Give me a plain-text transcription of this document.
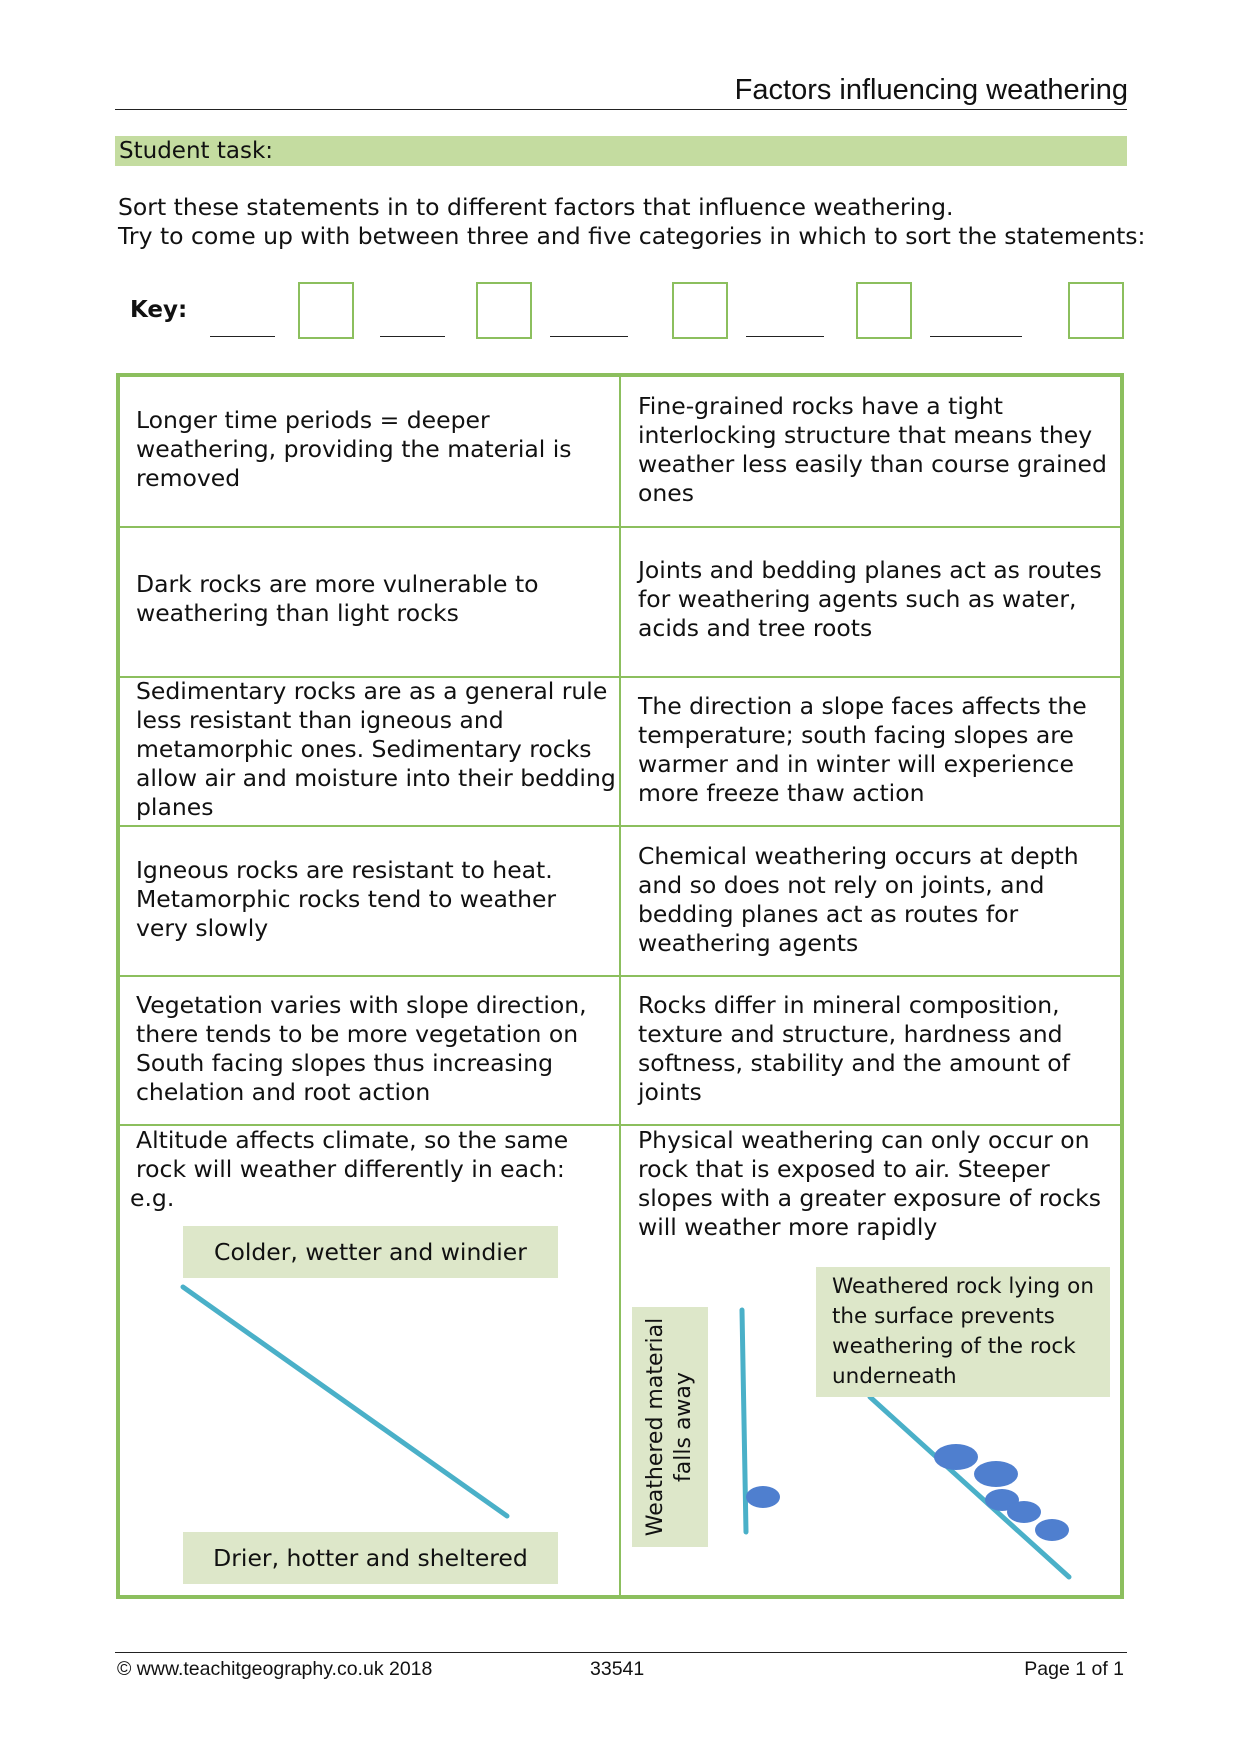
Factors influencing weathering
Student task:
Sort these statements in to different factors that influence weathering.
Try to come up with between three and five categories in which to sort the statements:
Key:
Longer time periods = deeper weathering, providing the material is removed
Fine-grained rocks have a tight interlocking structure that means they weather less easily than course grained ones
Dark rocks are more vulnerable to weathering than light rocks
Joints and bedding planes act as routes for weathering agents such as water, acids and tree roots
Sedimentary rocks are as a general rule less resistant than igneous and metamorphic ones. Sedimentary rocks allow air and moisture into their bedding planes
The direction a slope faces affects the temperature; south facing slopes are warmer and in winter will experience more freeze thaw action
Igneous rocks are resistant to heat. Metamorphic rocks tend to weather very slowly
Chemical weathering occurs at depth and so does not rely on joints, and bedding planes act as routes for weathering agents
Vegetation varies with slope direction, there tends to be more vegetation on South facing slopes thus increasing chelation and root action
Rocks differ in mineral composition, texture and structure, hardness and softness, stability and the amount of joints
Altitude affects climate, so the same
rock will weather differently in each:
e.g.
Physical weathering can only occur on rock that is exposed to air. Steeper slopes with a greater exposure of rocks will weather more rapidly
Colder, wetter and windier
Drier, hotter and sheltered
Weathered material falls away
Weathered rock lying on the surface prevents weathering of the rock underneath
© www.teachitgeography.co.uk 2018	33541	Page 1 of 1
